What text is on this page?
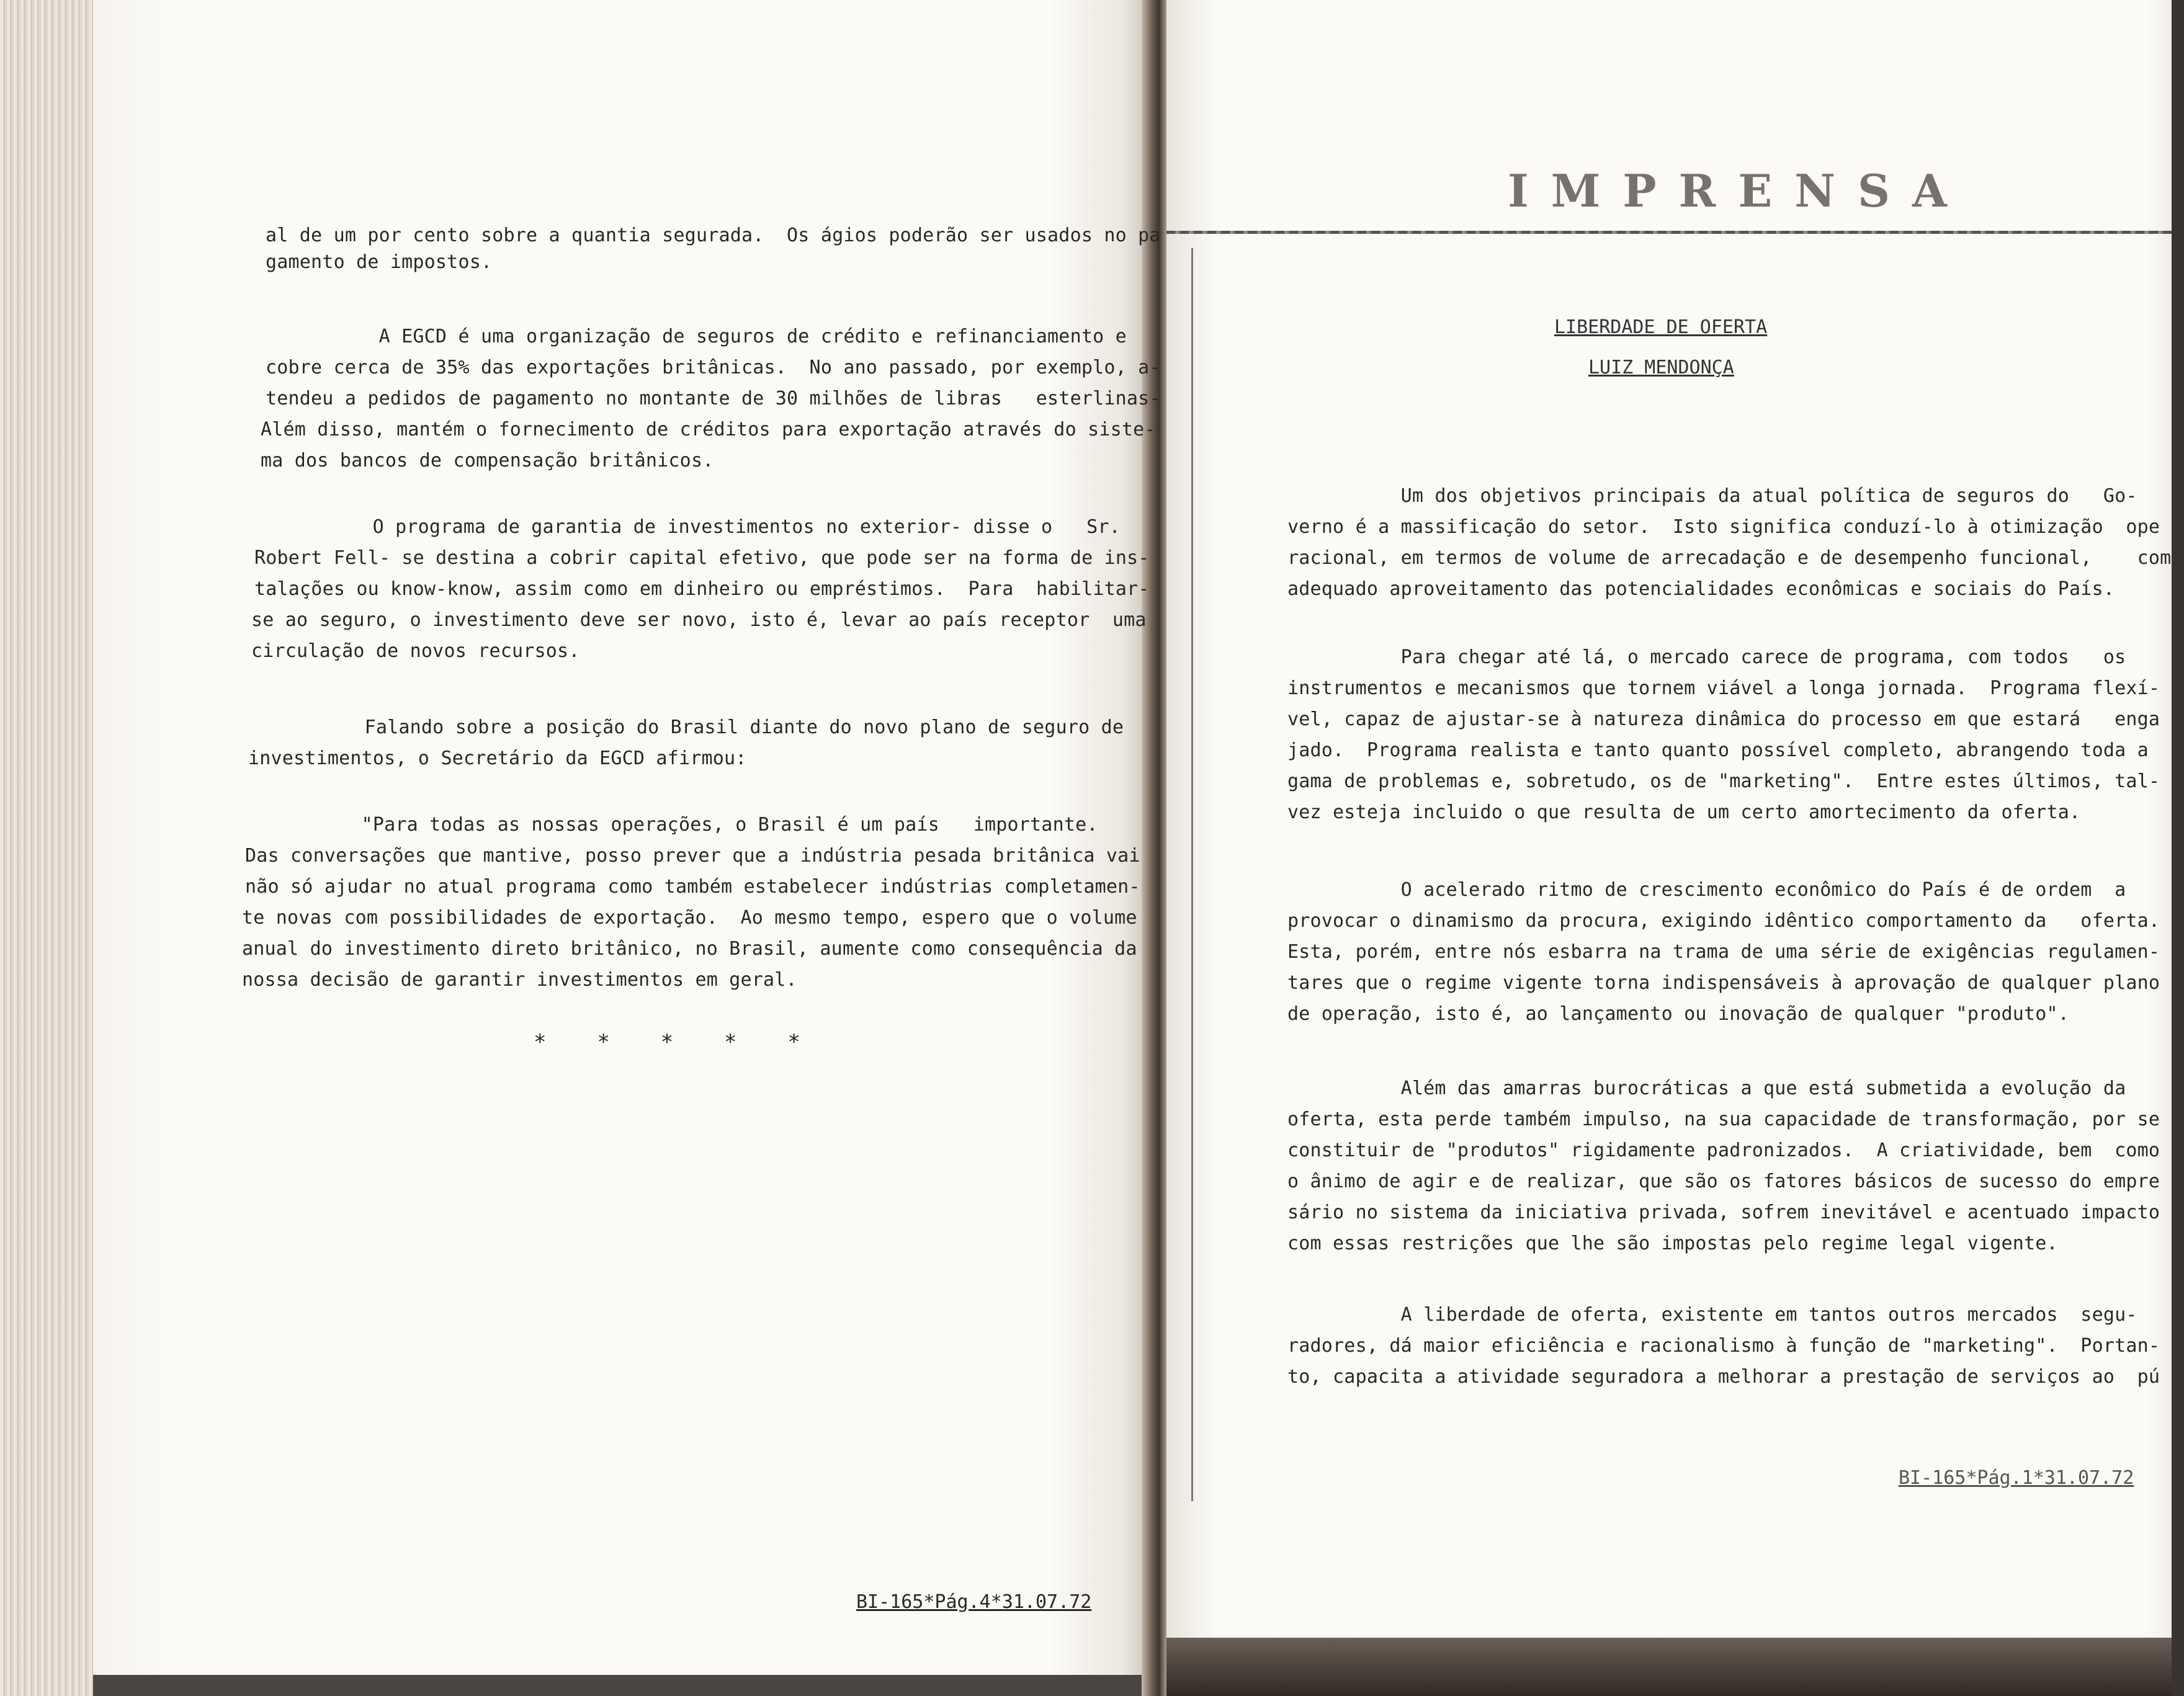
al de um por cento sobre a quantia segurada.  Os ágios poderão ser usados no pa
gamento de impostos.
A EGCD é uma organização de seguros de crédito e refinanciamento e
cobre cerca de 35% das exportações britânicas.  No ano passado, por exemplo, a-
tendeu a pedidos de pagamento no montante de 30 milhões de libras   esterlinas-
Além disso, mantém o fornecimento de créditos para exportação através do siste-
ma dos bancos de compensação britânicos.
O programa de garantia de investimentos no exterior- disse o   Sr.
Robert Fell- se destina a cobrir capital efetivo, que pode ser na forma de ins-
talações ou know-know, assim como em dinheiro ou empréstimos.  Para  habilitar-
se ao seguro, o investimento deve ser novo, isto é, levar ao país receptor  uma
circulação de novos recursos.
Falando sobre a posição do Brasil diante do novo plano de seguro de
investimentos, o Secretário da EGCD afirmou:
"Para todas as nossas operações, o Brasil é um país   importante.
Das conversações que mantive, posso prever que a indústria pesada britânica vai
não só ajudar no atual programa como também estabelecer indústrias completamen-
te novas com possibilidades de exportação.  Ao mesmo tempo, espero que o volume
anual do investimento direto britânico, no Brasil, aumente como consequência da
nossa decisão de garantir investimentos em geral.
*    *    *    *    *
BI-165*Pág.4*31.07.72
IMPRENSA
LIBERDADE DE OFERTA
LUIZ MENDONÇA
Um dos objetivos principais da atual política de seguros do   Go-
verno é a massificação do setor.  Isto significa conduzí-lo à otimização  ope
racional, em termos de volume de arrecadação e de desempenho funcional,    com
adequado aproveitamento das potencialidades econômicas e sociais do País.
Para chegar até lá, o mercado carece de programa, com todos   os
instrumentos e mecanismos que tornem viável a longa jornada.  Programa flexí-
vel, capaz de ajustar-se à natureza dinâmica do processo em que estará   enga
jado.  Programa realista e tanto quanto possível completo, abrangendo toda a
gama de problemas e, sobretudo, os de "marketing".  Entre estes últimos, tal-
vez esteja incluido o que resulta de um certo amortecimento da oferta.
O acelerado ritmo de crescimento econômico do País é de ordem  a
provocar o dinamismo da procura, exigindo idêntico comportamento da   oferta.
Esta, porém, entre nós esbarra na trama de uma série de exigências regulamen-
tares que o regime vigente torna indispensáveis à aprovação de qualquer plano
de operação, isto é, ao lançamento ou inovação de qualquer "produto".
Além das amarras burocráticas a que está submetida a evolução da
oferta, esta perde também impulso, na sua capacidade de transformação, por se
constituir de "produtos" rigidamente padronizados.  A criatividade, bem  como
o ânimo de agir e de realizar, que são os fatores básicos de sucesso do empre
sário no sistema da iniciativa privada, sofrem inevitável e acentuado impacto
com essas restrições que lhe são impostas pelo regime legal vigente.
A liberdade de oferta, existente em tantos outros mercados  segu-
radores, dá maior eficiência e racionalismo à função de "marketing".  Portan-
to, capacita a atividade seguradora a melhorar a prestação de serviços ao  pú
BI-165*Pág.1*31.07.72
